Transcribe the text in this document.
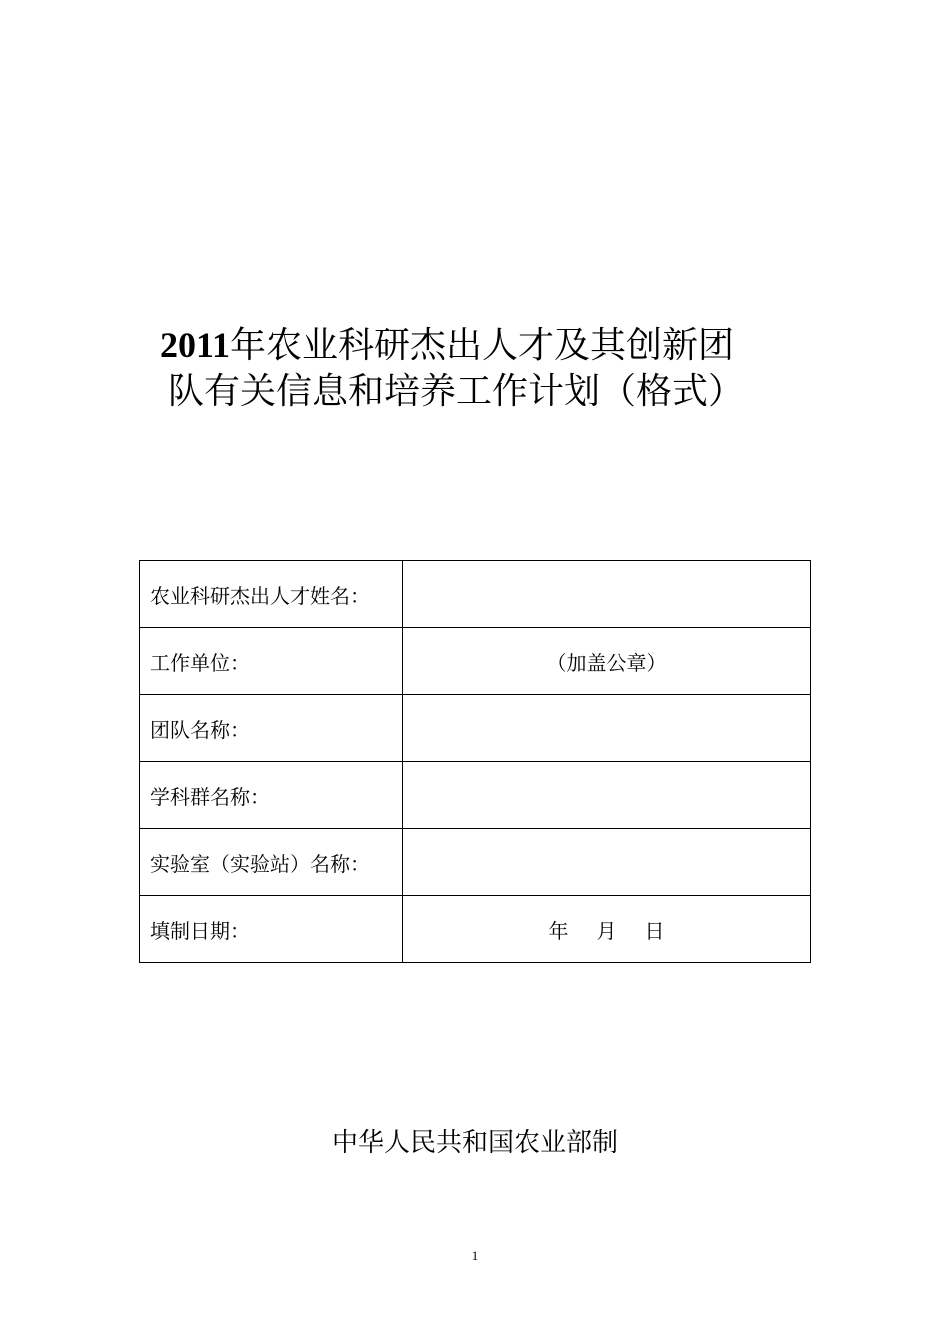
2011年农业科研杰出人才及其创新团
队有关信息和培养工作计划（格式）
农业科研杰出人才姓名：	
工作单位：	（加盖公章）
团队名称：	
学科群名称：	
实验室（实验站）名称：	
填制日期：	年 月 日
中华人民共和国农业部制
1
